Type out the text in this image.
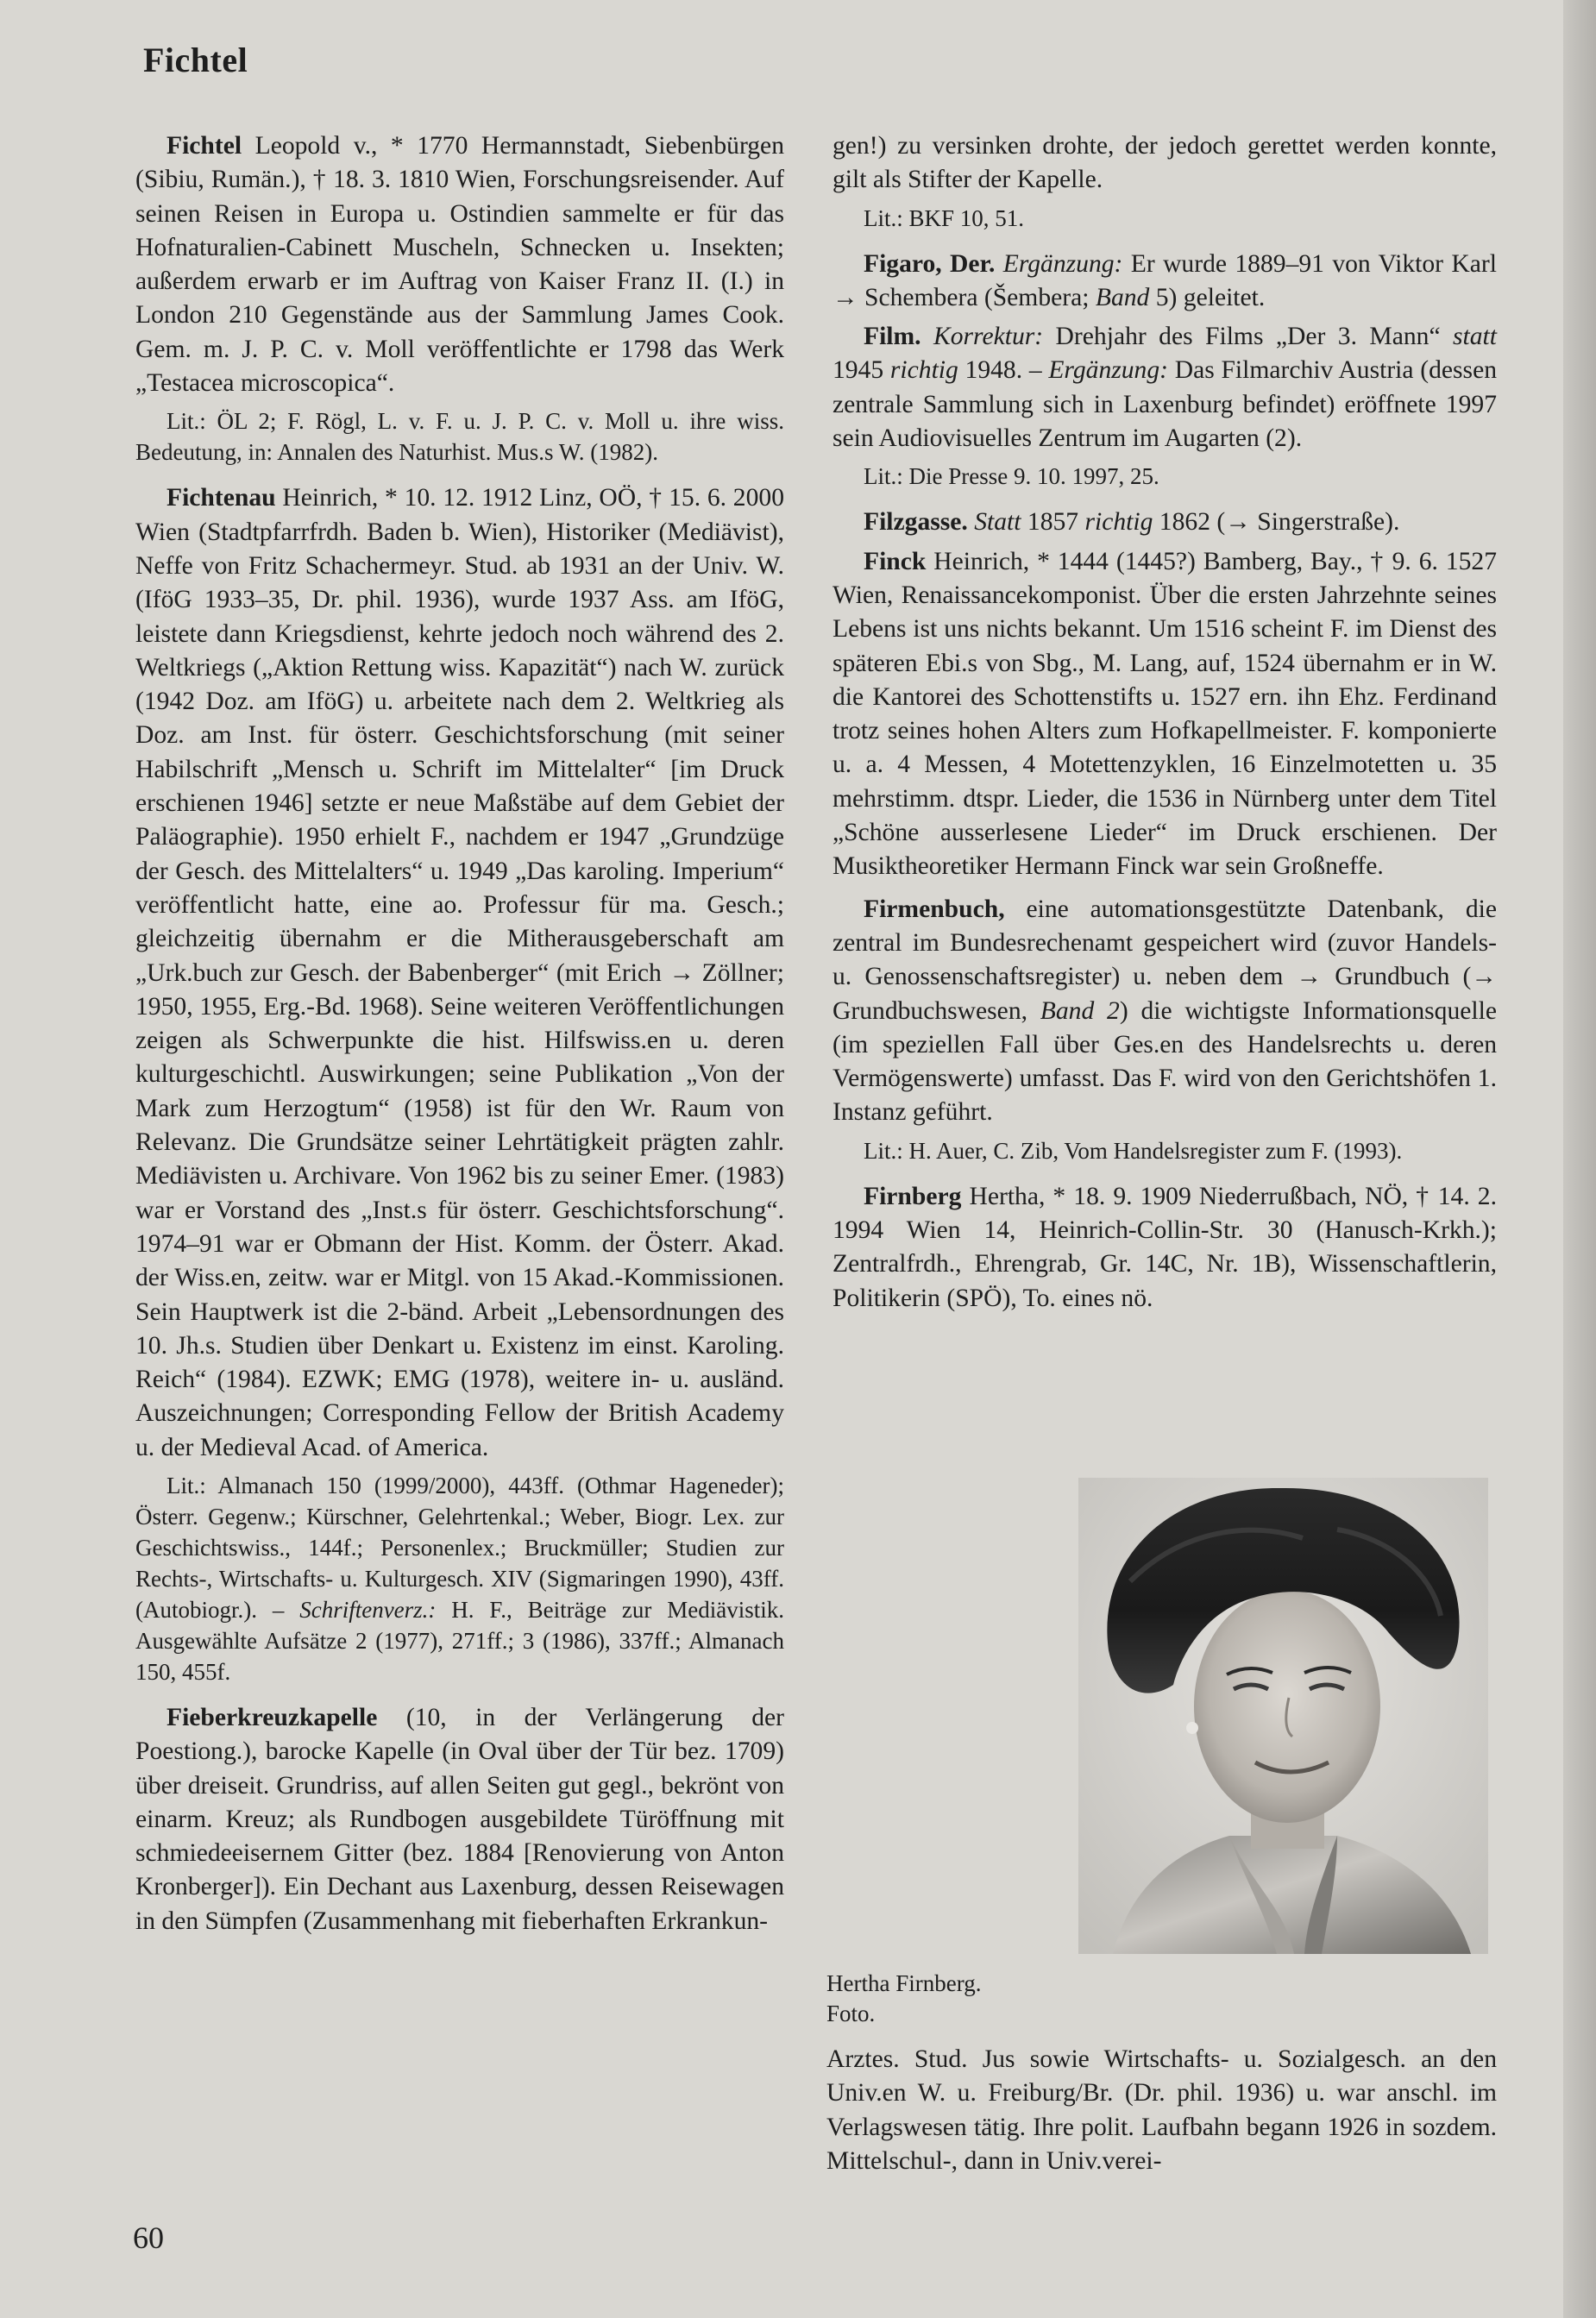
Fichtel

Fichtel Leopold v., * 1770 Hermannstadt, Siebenbürgen (Sibiu, Rumän.), † 18. 3. 1810 Wien, Forschungsreisender. Auf seinen Reisen in Europa u. Ostindien sammelte er für das Hofnaturalien-Cabinett Muscheln, Schnecken u. Insekten; außerdem erwarb er im Auftrag von Kaiser Franz II. (I.) in London 210 Gegenstände aus der Sammlung James Cook. Gem. m. J. P. C. v. Moll veröffentlichte er 1798 das Werk „Testacea microscopica“.

Lit.: ÖL 2; F. Rögl, L. v. F. u. J. P. C. v. Moll u. ihre wiss. Bedeutung, in: Annalen des Naturhist. Mus.s W. (1982).

Fichtenau Heinrich, * 10. 12. 1912 Linz, OÖ, † 15. 6. 2000 Wien (Stadtpfarrfrdh. Baden b. Wien), Historiker (Mediävist), Neffe von Fritz Schachermeyr. Stud. ab 1931 an der Univ. W. (IföG 1933–35, Dr. phil. 1936), wurde 1937 Ass. am IföG, leistete dann Kriegsdienst, kehrte jedoch noch während des 2. Weltkriegs („Aktion Rettung wiss. Kapazität“) nach W. zurück (1942 Doz. am IföG) u. arbeitete nach dem 2. Weltkrieg als Doz. am Inst. für österr. Geschichtsforschung (mit seiner Habilschrift „Mensch u. Schrift im Mittelalter“ [im Druck erschienen 1946] setzte er neue Maßstäbe auf dem Gebiet der Paläographie). 1950 erhielt F., nachdem er 1947 „Grundzüge der Gesch. des Mittelalters“ u. 1949 „Das karoling. Imperium“ veröffentlicht hatte, eine ao. Professur für ma. Gesch.; gleichzeitig übernahm er die Mitherausgeberschaft am „Urk.buch zur Gesch. der Babenberger“ (mit Erich → Zöllner; 1950, 1955, Erg.-Bd. 1968). Seine weiteren Veröffentlichungen zeigen als Schwerpunkte die hist. Hilfswiss.en u. deren kulturgeschichtl. Auswirkungen; seine Publikation „Von der Mark zum Herzogtum“ (1958) ist für den Wr. Raum von Relevanz. Die Grundsätze seiner Lehrtätigkeit prägten zahlr. Mediävisten u. Archivare. Von 1962 bis zu seiner Emer. (1983) war er Vorstand des „Inst.s für österr. Geschichtsforschung“. 1974–91 war er Obmann der Hist. Komm. der Österr. Akad. der Wiss.en, zeitw. war er Mitgl. von 15 Akad.-Kommissionen. Sein Hauptwerk ist die 2-bänd. Arbeit „Lebensordnungen des 10. Jh.s. Studien über Denkart u. Existenz im einst. Karoling. Reich“ (1984). EZWK; EMG (1978), weitere in- u. ausländ. Auszeichnungen; Corresponding Fellow der British Academy u. der Medieval Acad. of America.

Lit.: Almanach 150 (1999/2000), 443ff. (Othmar Hageneder); Österr. Gegenw.; Kürschner, Gelehrtenkal.; Weber, Biogr. Lex. zur Geschichtswiss., 144f.; Personenlex.; Bruckmüller; Studien zur Rechts-, Wirtschafts- u. Kulturgesch. XIV (Sigmaringen 1990), 43ff. (Autobiogr.). – Schriftenverz.: H. F., Beiträge zur Mediävistik. Ausgewählte Aufsätze 2 (1977), 271ff.; 3 (1986), 337ff.; Almanach 150, 455f.

Fieberkreuzkapelle (10, in der Verlängerung der Poestiong.), barocke Kapelle (in Oval über der Tür bez. 1709) über dreiseit. Grundriss, auf allen Seiten gut gegl., bekrönt von einarm. Kreuz; als Rundbogen ausgebildete Türöffnung mit schmiedeeisernem Gitter (bez. 1884 [Renovierung von Anton Kronberger]). Ein Dechant aus Laxenburg, dessen Reisewagen in den Sümpfen (Zusammenhang mit fieberhaften Erkrankun-

gen!) zu versinken drohte, der jedoch gerettet werden konnte, gilt als Stifter der Kapelle.

Lit.: BKF 10, 51.

Figaro, Der. Ergänzung: Er wurde 1889–91 von Viktor Karl → Schembera (Šembera; Band 5) geleitet.

Film. Korrektur: Drehjahr des Films „Der 3. Mann“ statt 1945 richtig 1948. – Ergänzung: Das Filmarchiv Austria (dessen zentrale Sammlung sich in Laxenburg befindet) eröffnete 1997 sein Audiovisuelles Zentrum im Augarten (2).

Lit.: Die Presse 9. 10. 1997, 25.

Filzgasse. Statt 1857 richtig 1862 (→ Singerstraße).

Finck Heinrich, * 1444 (1445?) Bamberg, Bay., † 9. 6. 1527 Wien, Renaissancekomponist. Über die ersten Jahrzehnte seines Lebens ist uns nichts bekannt. Um 1516 scheint F. im Dienst des späteren Ebi.s von Sbg., M. Lang, auf, 1524 übernahm er in W. die Kantorei des Schottenstifts u. 1527 ern. ihn Ehz. Ferdinand trotz seines hohen Alters zum Hofkapellmeister. F. komponierte u. a. 4 Messen, 4 Motettenzyklen, 16 Einzelmotetten u. 35 mehrstimm. dtspr. Lieder, die 1536 in Nürnberg unter dem Titel „Schöne ausserlesene Lieder“ im Druck erschienen. Der Musiktheoretiker Hermann Finck war sein Großneffe.

Firmenbuch, eine automationsgestützte Datenbank, die zentral im Bundesrechenamt gespeichert wird (zuvor Handels- u. Genossenschaftsregister) u. neben dem → Grundbuch (→ Grundbuchswesen, Band 2) die wichtigste Informationsquelle (im speziellen Fall über Ges.en des Handelsrechts u. deren Vermögenswerte) umfasst. Das F. wird von den Gerichtshöfen 1. Instanz geführt.

Lit.: H. Auer, C. Zib, Vom Handelsregister zum F. (1993).

Firnberg Hertha, * 18. 9. 1909 Niederrußbach, NÖ, † 14. 2. 1994 Wien 14, Heinrich-Collin-Str. 30 (Hanusch-Krkh.); Zentralfrdh., Ehrengrab, Gr. 14C, Nr. 1B), Wissenschaftlerin, Politikerin (SPÖ), To. eines nö.

Hertha Firnberg.
Foto.
Arztes. Stud. Jus sowie Wirtschafts- u. Sozialgesch. an den Univ.en W. u. Freiburg/Br. (Dr. phil. 1936) u. war anschl. im Verlagswesen tätig. Ihre polit. Laufbahn begann 1926 in sozdem. Mittelschul-, dann in Univ.verei-
60
